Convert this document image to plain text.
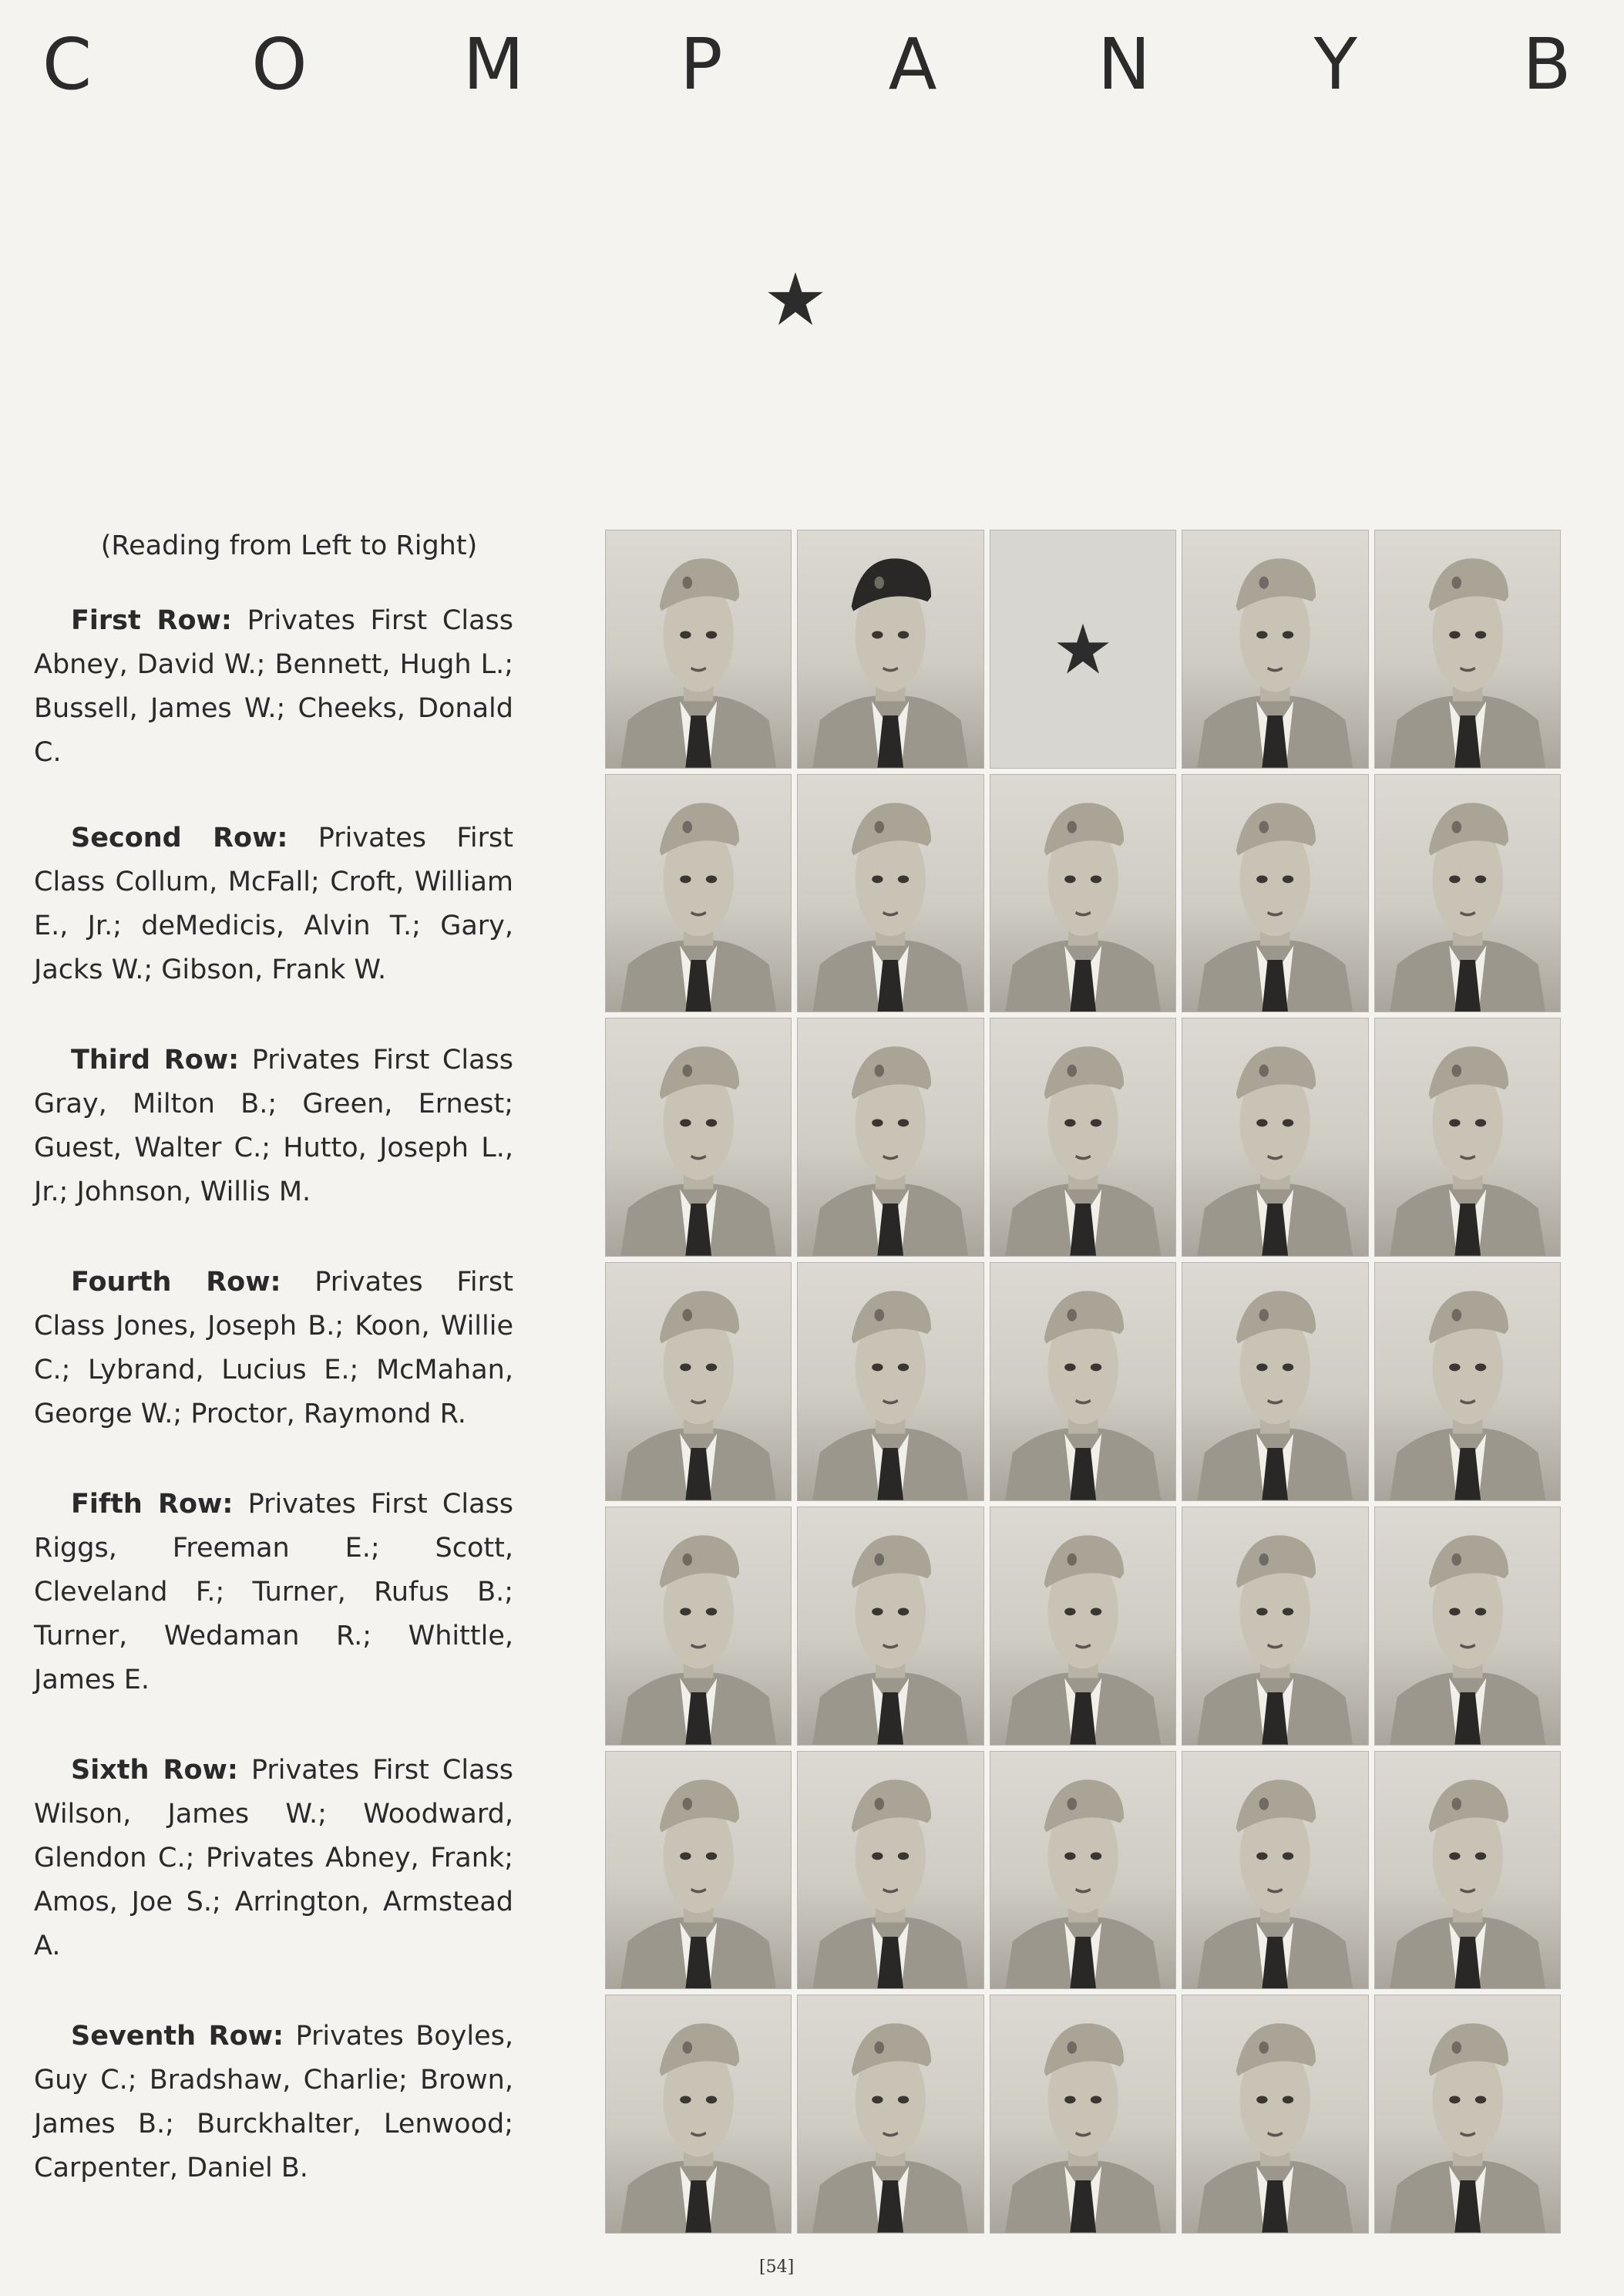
C O M P A N Y B

(Reading from Left to Right)

First Row: Privates First Class Abney, David W.; Bennett, Hugh L.; Bussell, James W.; Cheeks, Donald C.

Second Row: Privates First Class Collum, McFall; Croft, William E., Jr.; deMedicis, Alvin T.; Gary, Jacks W.; Gibson, Frank W.

Third Row: Privates First Class Gray, Milton B.; Green, Ernest; Guest, Walter C.; Hutto, Joseph L., Jr.; Johnson, Willis M.

Fourth Row: Privates First Class Jones, Joseph B.; Koon, Willie C.; Lybrand, Lucius E.; McMahan, George W.; Proctor, Raymond R.

Fifth Row: Privates First Class Riggs, Freeman E.; Scott, Cleveland F.; Turner, Rufus B.; Turner, Wedaman R.; Whittle, James E.

Sixth Row: Privates First Class Wilson, James W.; Woodward, Glendon C.; Privates Abney, Frank; Amos, Joe S.; Arrington, Armstead A.

Seventh Row: Privates Boyles, Guy C.; Bradshaw, Charlie; Brown, James B.; Burckhalter, Lenwood; Carpenter, Daniel B.

[54]
